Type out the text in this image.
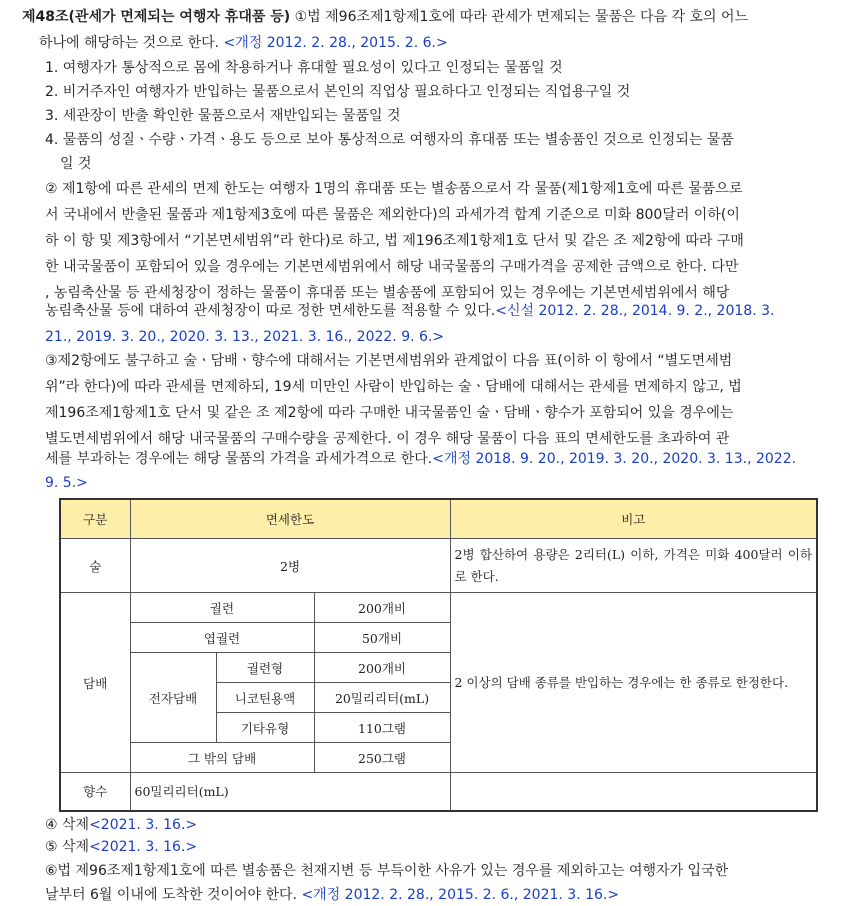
제48조(관세가 면제되는 여행자 휴대품 등) ①법 제96조제1항제1호에 따라 관세가 면제되는 물품은 다음 각 호의 어느
하나에 해당하는 것으로 한다. <개정 2012. 2. 28., 2015. 2. 6.>
1. 여행자가 통상적으로 몸에 착용하거나 휴대할 필요성이 있다고 인정되는 물품일 것
2. 비거주자인 여행자가 반입하는 물품으로서 본인의 직업상 필요하다고 인정되는 직업용구일 것
3. 세관장이 반출 확인한 물품으로서 재반입되는 물품일 것
4. 물품의 성질ㆍ수량ㆍ가격ㆍ용도 등으로 보아 통상적으로 여행자의 휴대품 또는 별송품인 것으로 인정되는 물품
일 것
② 제1항에 따른 관세의 면제 한도는 여행자 1명의 휴대품 또는 별송품으로서 각 물품(제1항제1호에 따른 물품으로
서 국내에서 반출된 물품과 제1항제3호에 따른 물품은 제외한다)의 과세가격 합계 기준으로 미화 800달러 이하(이
하 이 항 및 제3항에서 “기본면세범위”라 한다)로 하고, 법 제196조제1항제1호 단서 및 같은 조 제2항에 따라 구매
한 내국물품이 포함되어 있을 경우에는 기본면세범위에서 해당 내국물품의 구매가격을 공제한 금액으로 한다. 다만
, 농림축산물 등 관세청장이 정하는 물품이 휴대품 또는 별송품에 포함되어 있는 경우에는 기본면세범위에서 해당
농림축산물 등에 대하여 관세청장이 따로 정한 면세한도를 적용할 수 있다.<신설 2012. 2. 28., 2014. 9. 2., 2018. 3.
21., 2019. 3. 20., 2020. 3. 13., 2021. 3. 16., 2022. 9. 6.>
③제2항에도 불구하고 술ㆍ담배ㆍ향수에 대해서는 기본면세범위와 관계없이 다음 표(이하 이 항에서 “별도면세범
위”라 한다)에 따라 관세를 면제하되, 19세 미만인 사람이 반입하는 술ㆍ담배에 대해서는 관세를 면제하지 않고, 법
제196조제1항제1호 단서 및 같은 조 제2항에 따라 구매한 내국물품인 술ㆍ담배ㆍ향수가 포함되어 있을 경우에는
별도면세범위에서 해당 내국물품의 구매수량을 공제한다. 이 경우 해당 물품이 다음 표의 면세한도를 초과하여 관
세를 부과하는 경우에는 해당 물품의 가격을 과세가격으로 한다.<개정 2018. 9. 20., 2019. 3. 20., 2020. 3. 13., 2022.
9. 5.>
구분	면세한도			비고
술	2병			2병 합산하여 용량은 2리터(L) 이하, 가격은 미화 400달러 이하로 한다.
담배	궐련		200개비	2 이상의 담배 종류를 반입하는 경우에는 한 종류로 한정한다.
	엽궐련		50개비	
	전자담배	궐련형	200개비	
		니코틴용액	20밀리리터(mL)	
		기타유형	110그램	
	그 밖의 담배		250그램	
향수	60밀리리터(mL)			
④ 삭제<2021. 3. 16.>
⑤ 삭제<2021. 3. 16.>
⑥법 제96조제1항제1호에 따른 별송품은 천재지변 등 부득이한 사유가 있는 경우를 제외하고는 여행자가 입국한
날부터 6월 이내에 도착한 것이어야 한다. <개정 2012. 2. 28., 2015. 2. 6., 2021. 3. 16.>
